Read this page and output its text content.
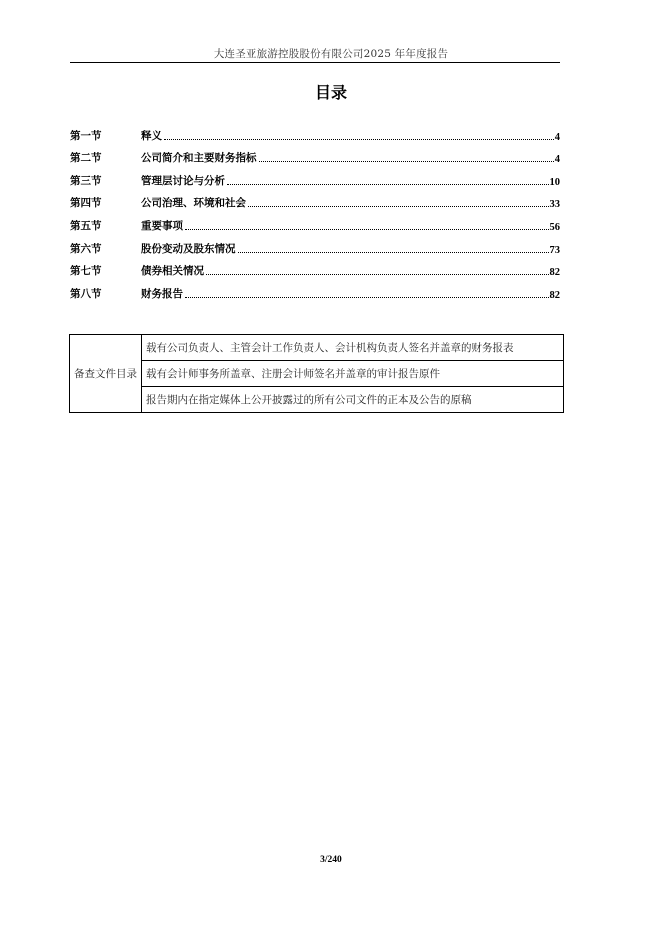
大连圣亚旅游控股股份有限公司2025 年年度报告
目录
第一节	释义	4
第二节	公司简介和主要财务指标	4
第三节	管理层讨论与分析	10
第四节	公司治理、环境和社会	33
第五节	重要事项	56
第六节	股份变动及股东情况	73
第七节	债券相关情况	82
第八节	财务报告	82
备查文件目录	载有公司负责人、主管会计工作负责人、会计机构负责人签名并盖章的财务报表
载有会计师事务所盖章、注册会计师签名并盖章的审计报告原件
报告期内在指定媒体上公开披露过的所有公司文件的正本及公告的原稿
3/240
